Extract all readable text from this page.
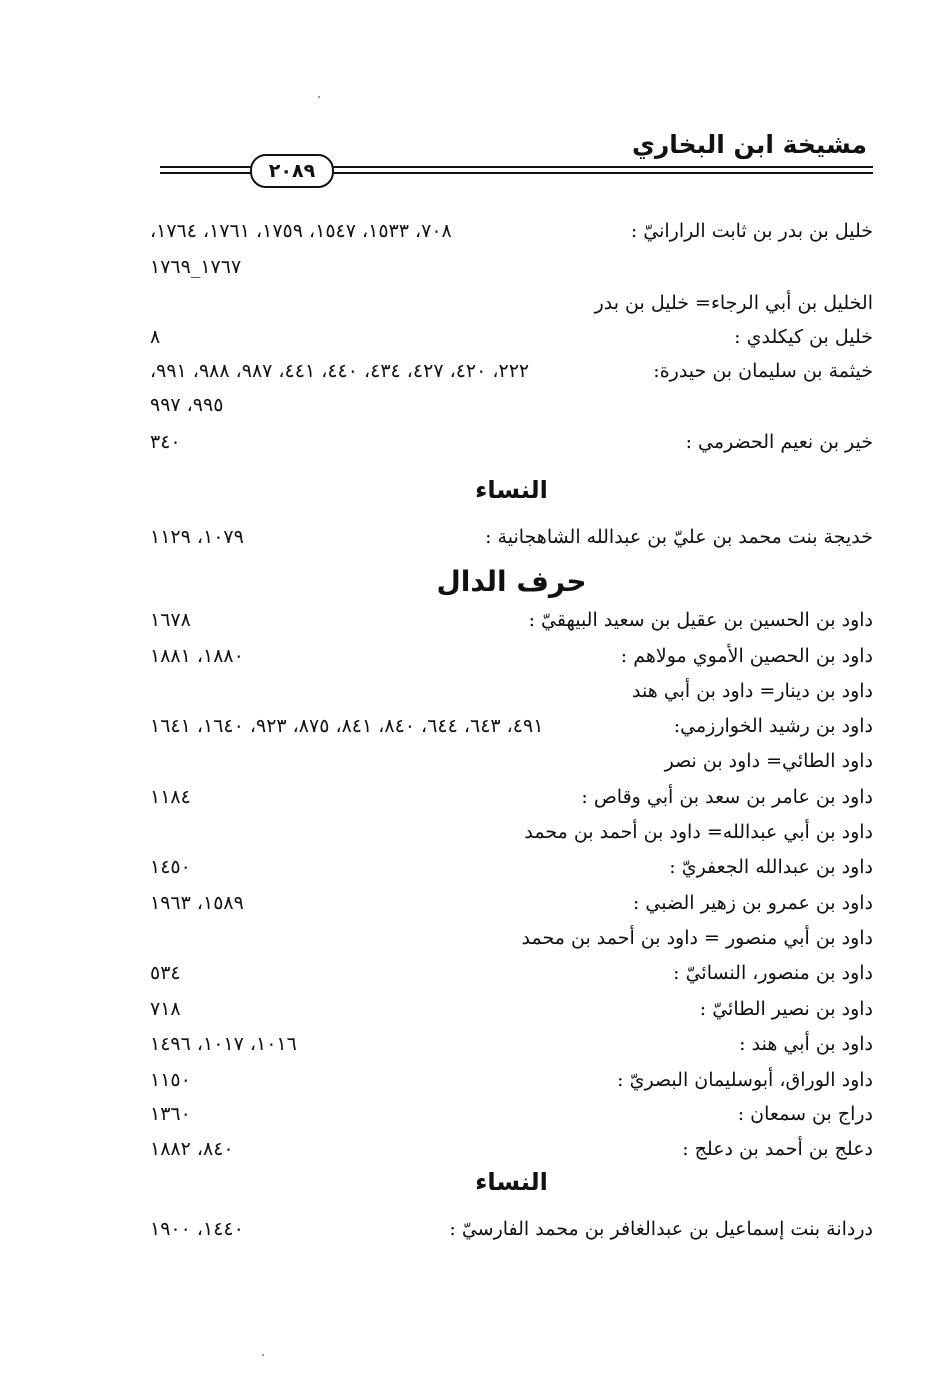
مشيخة ابن البخاري
٢٠٨٩
خليل بن بدر بن ثابت الرارانيّ :
٧٠٨، ١٥٣٣، ١٥٤٧، ١٧٥٩، ١٧٦١، ١٧٦٤،
١٧٦٧_١٧٦٩
الخليل بن أبي الرجاء= خليل بن بدر
خليل بن كيكلدي :
٨
خيثمة بن سليمان بن حيدرة:
٢٢٢، ٤٢٠، ٤٢٧، ٤٣٤، ٤٤٠، ٤٤١، ٩٨٧، ٩٨٨، ٩٩١،
٩٩٥، ٩٩٧
خير بن نعيم الحضرمي :
٣٤٠
النساء
خديجة بنت محمد بن عليّ بن عبدالله الشاهجانية :
١٠٧٩، ١١٢٩
حرف الدال
داود بن الحسين بن عقيل بن سعيد البيهقيّ :
١٦٧٨
داود بن الحصين الأموي مولاهم :
١٨٨٠، ١٨٨١
داود بن دينار= داود بن أبي هند
داود بن رشيد الخوارزمي:
٤٩١، ٦٤٣، ٦٤٤، ٨٤٠، ٨٤١، ٨٧٥، ٩٢٣، ١٦٤٠، ١٦٤١
داود الطائي= داود بن نصر
داود بن عامر بن سعد بن أبي وقاص :
١١٨٤
داود بن أبي عبدالله= داود بن أحمد بن محمد
داود بن عبدالله الجعفريّ :
١٤٥٠
داود بن عمرو بن زهير الضبي :
١٥٨٩، ١٩٦٣
داود بن أبي منصور = داود بن أحمد بن محمد
داود بن منصور، النسائيّ :
٥٣٤
داود بن نصير الطائيّ :
٧١٨
داود بن أبي هند :
١٠١٦، ١٠١٧، ١٤٩٦
داود الوراق، أبوسليمان البصريّ :
١١٥٠
دراج بن سمعان :
١٣٦٠
دعلج بن أحمد بن دعلج :
٨٤٠، ١٨٨٢
النساء
دردانة بنت إسماعيل بن عبدالغافر بن محمد الفارسيّ :
١٤٤٠، ١٩٠٠
